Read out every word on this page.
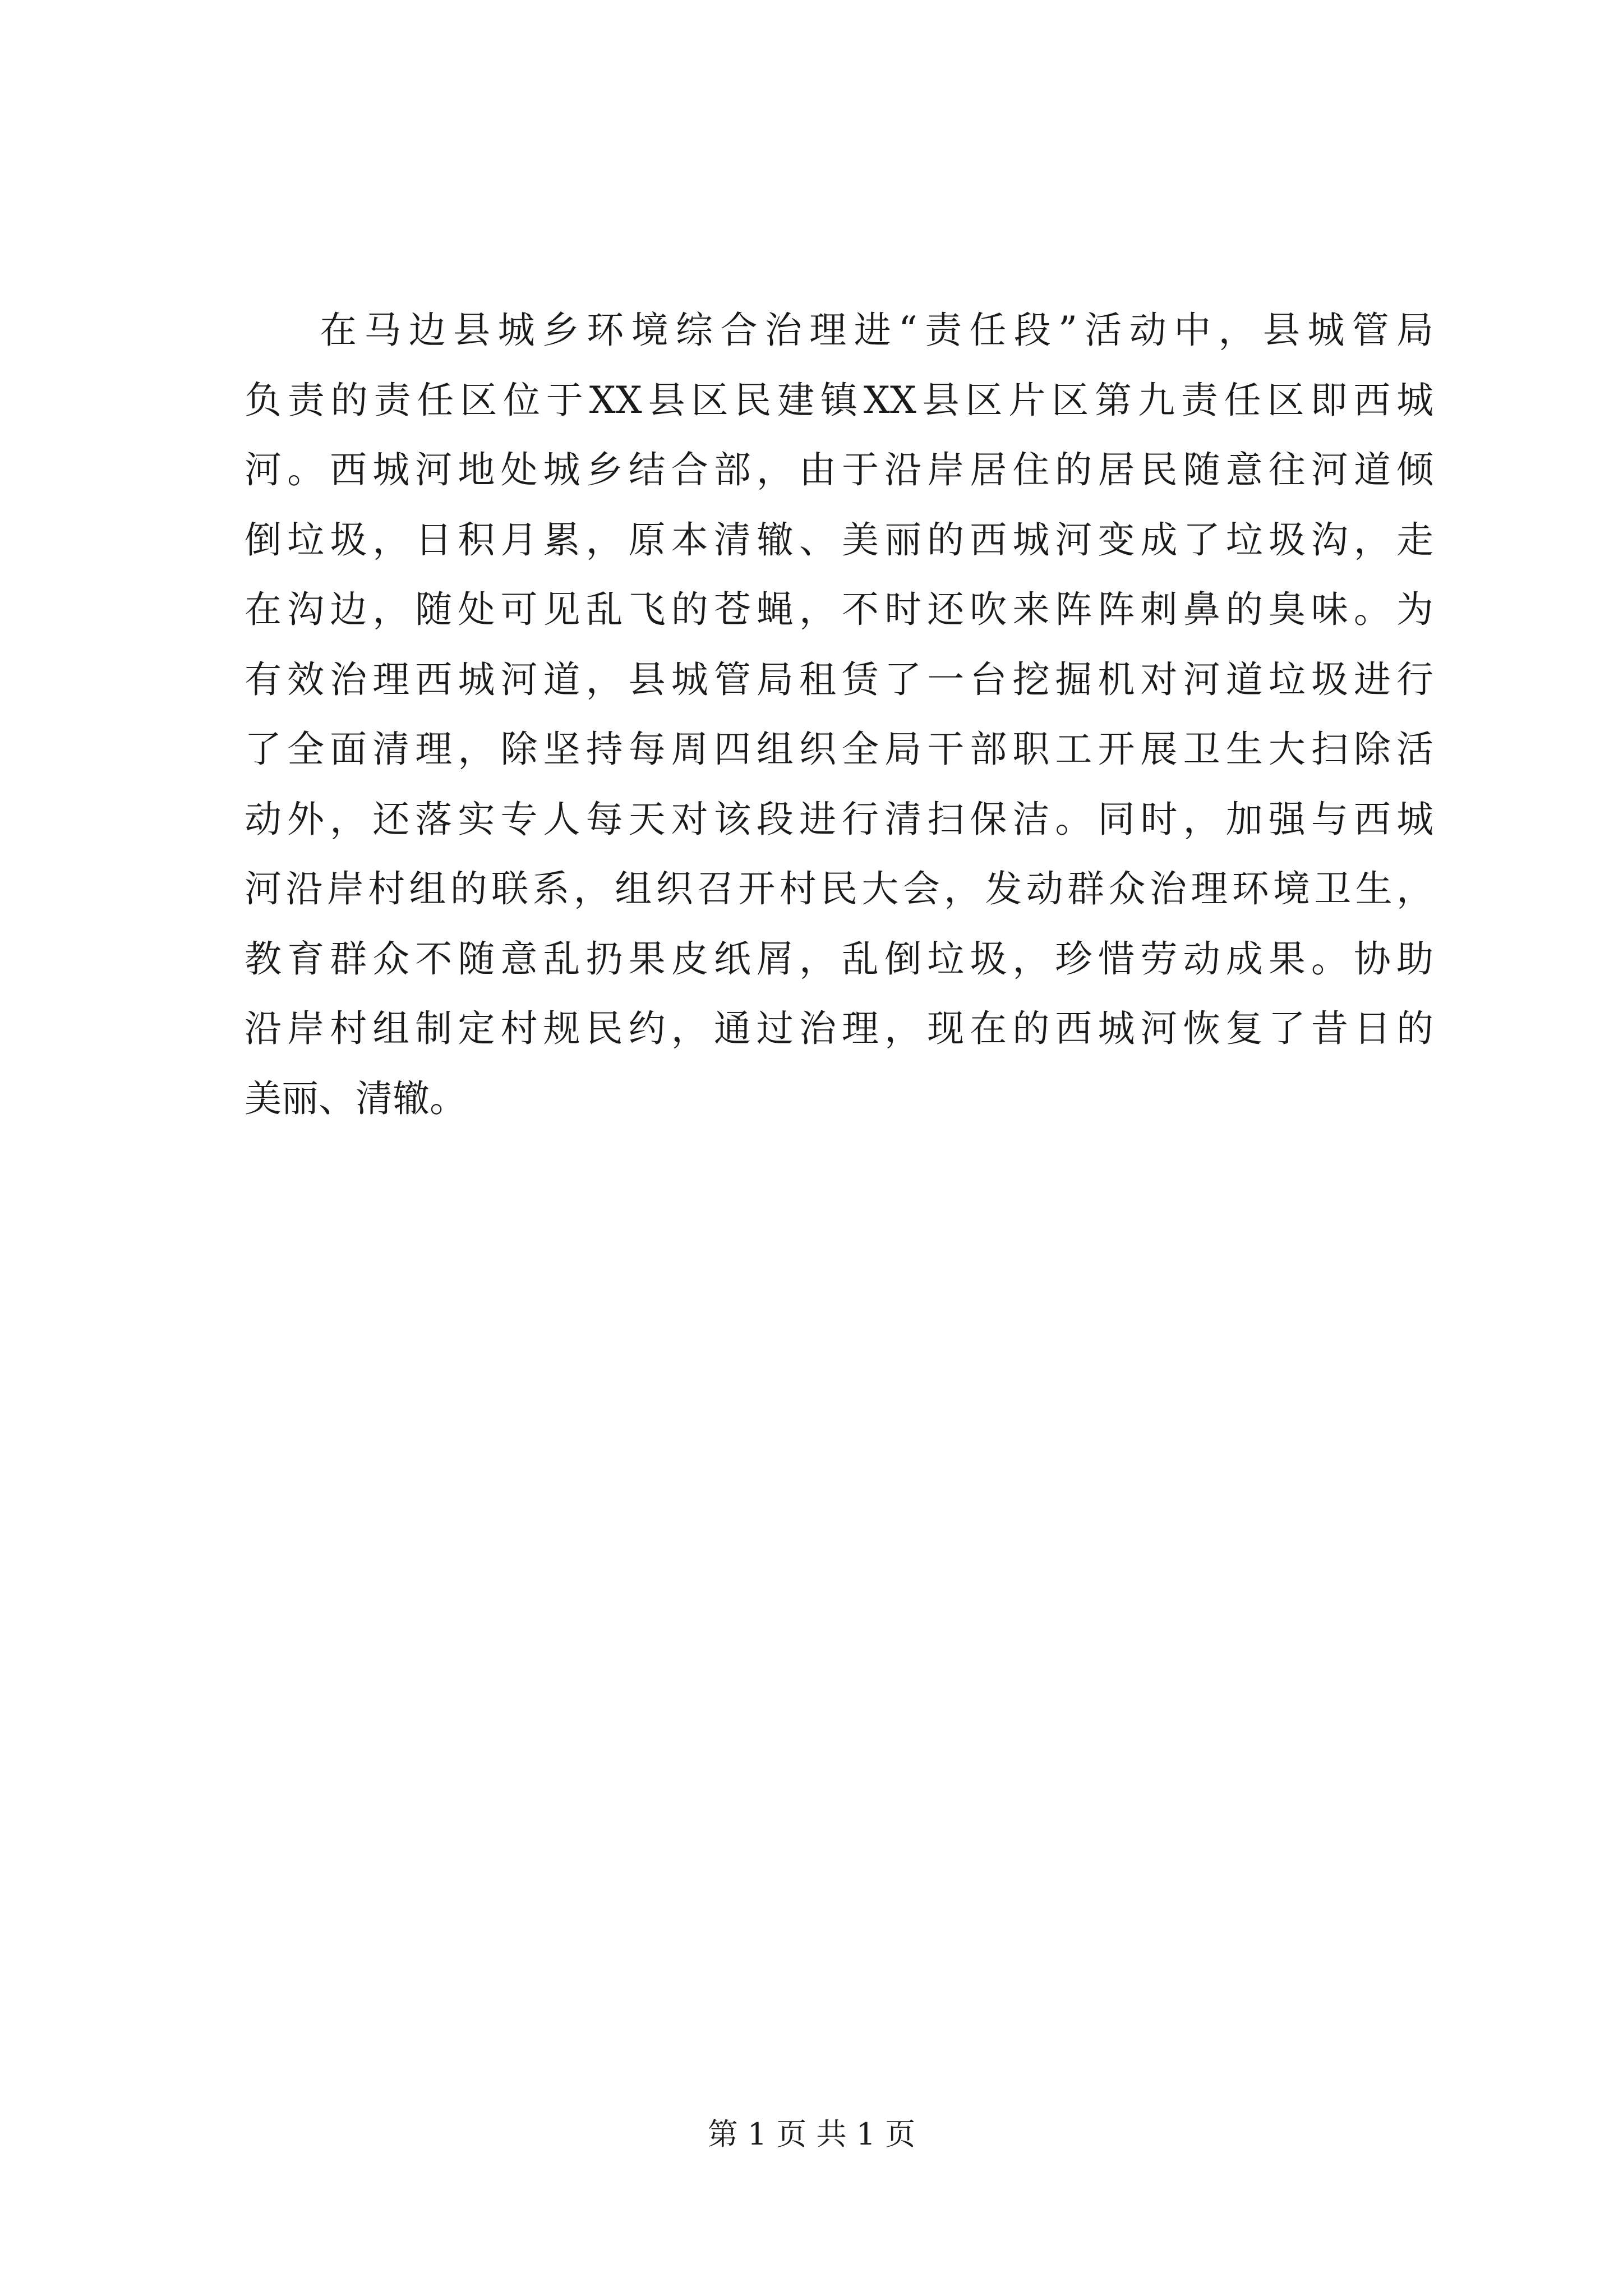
在马边县城乡环境综合治理进“责任段”活动中，县城管局
负责的责任区位于XX县区民建镇XX县区片区第九责任区即西城
河。西城河地处城乡结合部，由于沿岸居住的居民随意往河道倾
倒垃圾，日积月累，原本清辙、美丽的西城河变成了垃圾沟，走
在沟边，随处可见乱飞的苍蝇，不时还吹来阵阵刺鼻的臭味。为
有效治理西城河道，县城管局租赁了一台挖掘机对河道垃圾进行
了全面清理，除坚持每周四组织全局干部职工开展卫生大扫除活
动外，还落实专人每天对该段进行清扫保洁。同时，加强与西城
河沿岸村组的联系，组织召开村民大会，发动群众治理环境卫生，
教育群众不随意乱扔果皮纸屑，乱倒垃圾，珍惜劳动成果。协助
沿岸村组制定村规民约，通过治理，现在的西城河恢复了昔日的
美丽、清辙。
第 1 页 共 1 页
